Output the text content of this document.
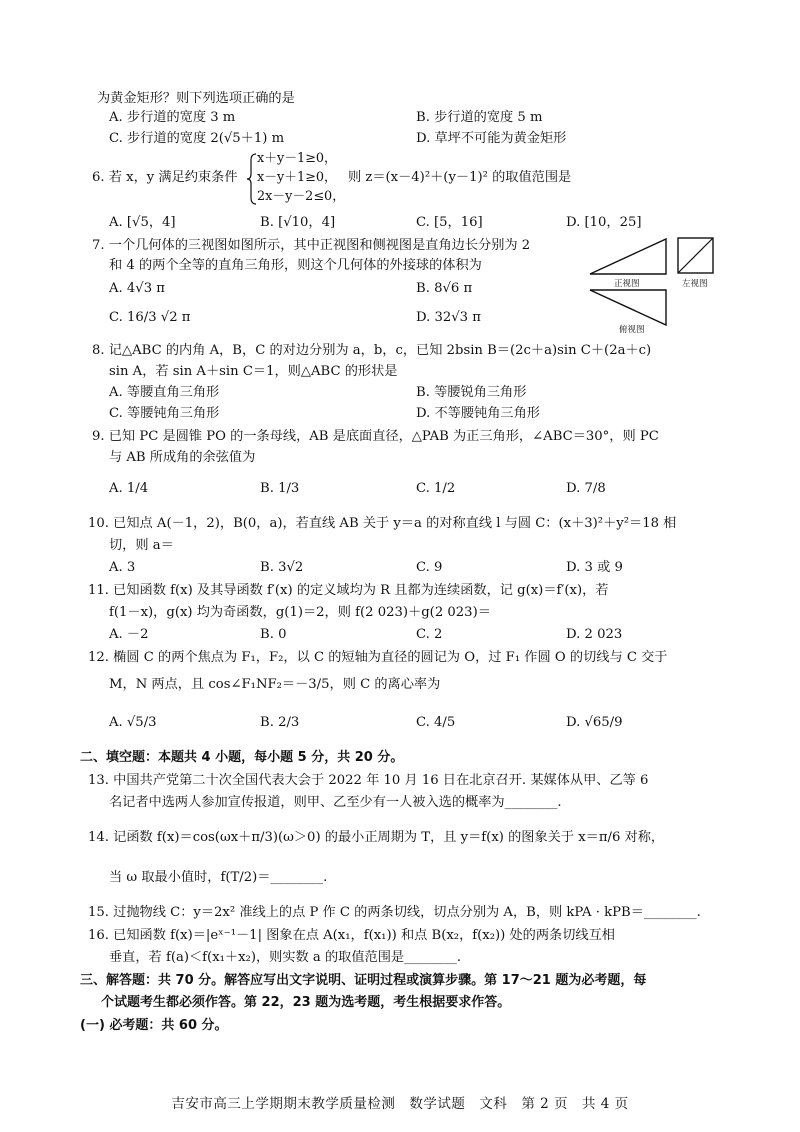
为黄金矩形？则下列选项正确的是
A. 步行道的宽度 3 m	B. 步行道的宽度 5 m
C. 步行道的宽度 2(√5＋1) m	D. 草坪不可能为黄金矩形
6. 若 x，y 满足约束条件
x＋y－1≥0，
x－y＋1≥0，
2x－y－2≤0，
则 z＝(x－4)²＋(y－1)² 的取值范围是
A. [√5，4]	B. [√10，4]	C. [5，16]	D. [10，25]
7. 一个几何体的三视图如图所示，其中正视图和侧视图是直角边长分别为 2
和 4 的两个全等的直角三角形，则这个几何体的外接球的体积为
A. 4√3 π	B. 8√6 π
C. 16/3 √2 π	D. 32√3 π
正视图	左视图
俯视图
8. 记△ABC 的内角 A，B，C 的对边分别为 a，b，c，已知 2bsin B＝(2c＋a)sin C＋(2a＋c)
sin A，若 sin A＋sin C＝1，则△ABC 的形状是
A. 等腰直角三角形	B. 等腰锐角三角形
C. 等腰钝角三角形	D. 不等腰钝角三角形
9. 已知 PC 是圆锥 PO 的一条母线，AB 是底面直径，△PAB 为正三角形，∠ABC＝30°，则 PC
与 AB 所成角的余弦值为
A. 1/4	B. 1/3	C. 1/2	D. 7/8
10. 已知点 A(－1，2)，B(0，a)，若直线 AB 关于 y＝a 的对称直线 l 与圆 C：(x＋3)²＋y²＝18 相
切，则 a＝
A. 3	B. 3√2	C. 9	D. 3 或 9
11. 已知函数 f(x) 及其导函数 f′(x) 的定义域均为 R 且都为连续函数，记 g(x)＝f′(x)，若
f(1－x)，g(x) 均为奇函数，g(1)＝2，则 f(2 023)＋g(2 023)＝
A. －2	B. 0	C. 2	D. 2 023
12. 椭圆 C 的两个焦点为 F₁，F₂，以 C 的短轴为直径的圆记为 O，过 F₁ 作圆 O 的切线与 C 交于
M，N 两点，且 cos∠F₁NF₂＝－3/5，则 C 的离心率为
A. √5/3	B. 2/3	C. 4/5	D. √65/9
二、填空题：本题共 4 小题，每小题 5 分，共 20 分。
13. 中国共产党第二十次全国代表大会于 2022 年 10 月 16 日在北京召开. 某媒体从甲、乙等 6
名记者中选两人参加宣传报道，则甲、乙至少有一人被入选的概率为________.
14. 记函数 f(x)＝cos(ωx＋π/3)(ω＞0) 的最小正周期为 T，且 y＝f(x) 的图象关于 x＝π/6 对称，
当 ω 取最小值时，f(T/2)＝________.
15. 过抛物线 C：y＝2x² 准线上的点 P 作 C 的两条切线，切点分别为 A，B，则 kPA · kPB＝________.
16. 已知函数 f(x)＝|eˣ⁻¹－1| 图象在点 A(x₁，f(x₁)) 和点 B(x₂，f(x₂)) 处的两条切线互相
垂直，若 f(a)＜f(x₁＋x₂)，则实数 a 的取值范围是________.
三、解答题：共 70 分。解答应写出文字说明、证明过程或演算步骤。第 17～21 题为必考题，每
个试题考生都必须作答。第 22，23 题为选考题，考生根据要求作答。
(一) 必考题：共 60 分。
吉安市高三上学期期末教学质量检测　数学试题　文科　第 2 页　共 4 页
